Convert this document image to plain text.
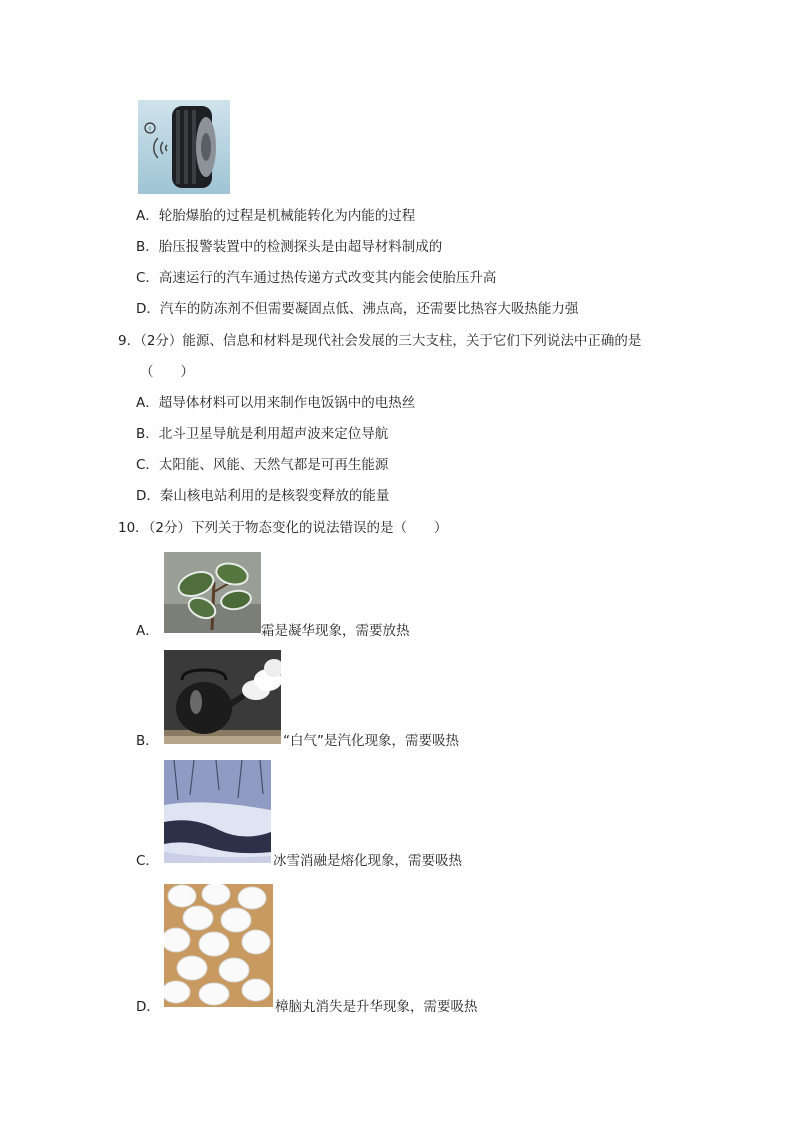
!
A．轮胎爆胎的过程是机械能转化为内能的过程
B．胎压报警装置中的检测探头是由超导材料制成的
C．高速运行的汽车通过热传递方式改变其内能会使胎压升高
D．汽车的防冻剂不但需要凝固点低、沸点高，还需要比热容大吸热能力强
9．（2分）能源、信息和材料是现代社会发展的三大支柱，关于它们下列说法中正确的是
（　　）
A．超导体材料可以用来制作电饭锅中的电热丝
B．北斗卫星导航是利用超声波来定位导航
C．太阳能、风能、天然气都是可再生能源
D．秦山核电站利用的是核裂变释放的能量
10．（2分）下列关于物态变化的说法错误的是（　　）
A．	霜是凝华现象，需要放热
B．	“白气”是汽化现象，需要吸热
C．	冰雪消融是熔化现象，需要吸热
D．	樟脑丸消失是升华现象，需要吸热
